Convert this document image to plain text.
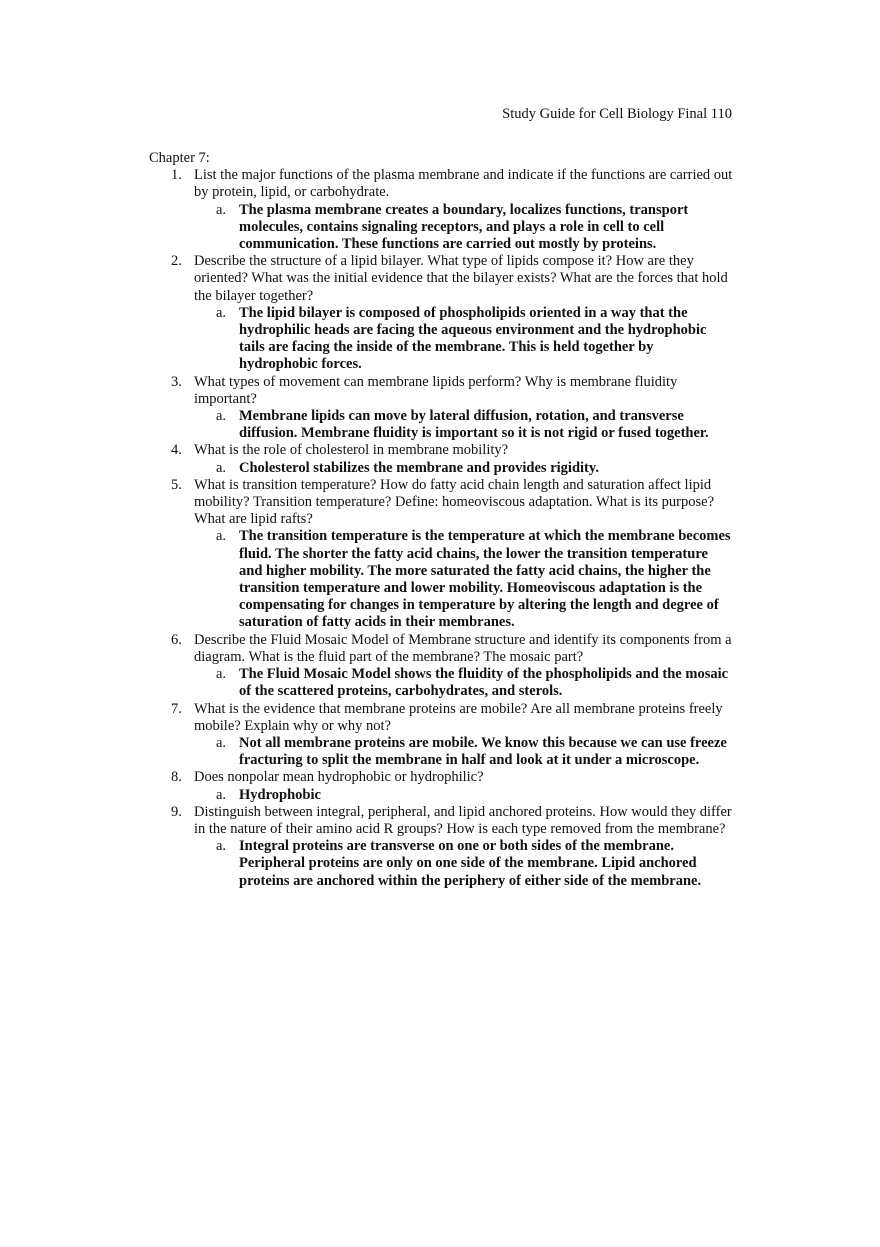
Study Guide for Cell Biology Final 110
Chapter 7:
1. List the major functions of the plasma membrane and indicate if the functions are carried out by protein, lipid, or carbohydrate.
a. The plasma membrane creates a boundary, localizes functions, transport molecules, contains signaling receptors, and plays a role in cell to cell communication. These functions are carried out mostly by proteins.
2. Describe the structure of a lipid bilayer. What type of lipids compose it? How are they oriented? What was the initial evidence that the bilayer exists? What are the forces that hold the bilayer together?
a. The lipid bilayer is composed of phospholipids oriented in a way that the hydrophilic heads are facing the aqueous environment and the hydrophobic tails are facing the inside of the membrane. This is held together by hydrophobic forces.
3. What types of movement can membrane lipids perform? Why is membrane fluidity important?
a. Membrane lipids can move by lateral diffusion, rotation, and transverse diffusion. Membrane fluidity is important so it is not rigid or fused together.
4. What is the role of cholesterol in membrane mobility?
a. Cholesterol stabilizes the membrane and provides rigidity.
5. What is transition temperature? How do fatty acid chain length and saturation affect lipid mobility? Transition temperature? Define: homeoviscous adaptation. What is its purpose? What are lipid rafts?
a. The transition temperature is the temperature at which the membrane becomes fluid. The shorter the fatty acid chains, the lower the transition temperature and higher mobility. The more saturated the fatty acid chains, the higher the transition temperature and lower mobility. Homeoviscous adaptation is the compensating for changes in temperature by altering the length and degree of saturation of fatty acids in their membranes.
6. Describe the Fluid Mosaic Model of Membrane structure and identify its components from a diagram. What is the fluid part of the membrane? The mosaic part?
a. The Fluid Mosaic Model shows the fluidity of the phospholipids and the mosaic of the scattered proteins, carbohydrates, and sterols.
7. What is the evidence that membrane proteins are mobile? Are all membrane proteins freely mobile? Explain why or why not?
a. Not all membrane proteins are mobile. We know this because we can use freeze fracturing to split the membrane in half and look at it under a microscope.
8. Does nonpolar mean hydrophobic or hydrophilic?
a. Hydrophobic
9. Distinguish between integral, peripheral, and lipid anchored proteins. How would they differ in the nature of their amino acid R groups? How is each type removed from the membrane?
a. Integral proteins are transverse on one or both sides of the membrane. Peripheral proteins are only on one side of the membrane. Lipid anchored proteins are anchored within the periphery of either side of the membrane.
